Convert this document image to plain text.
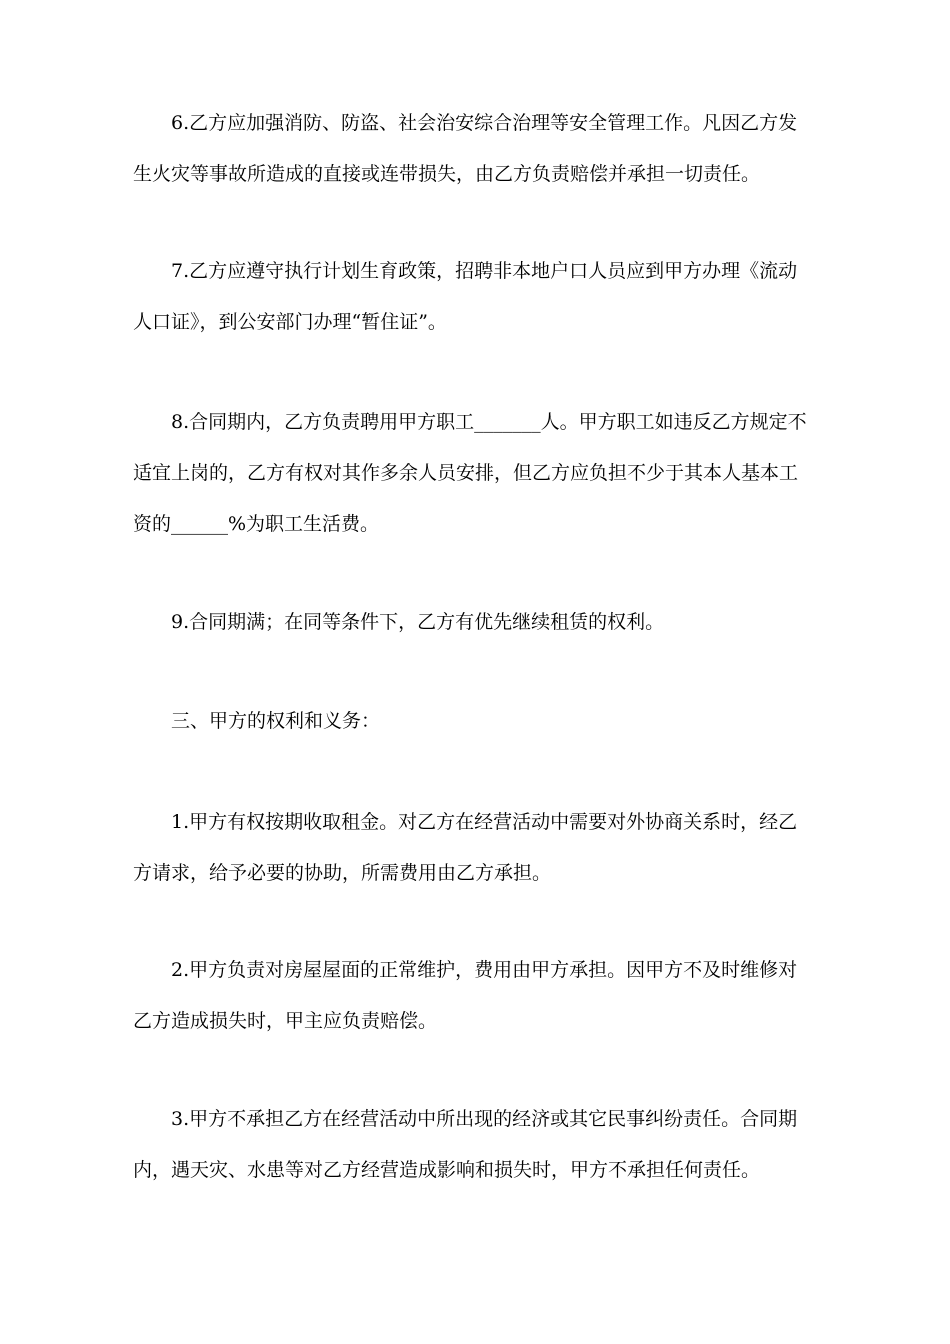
6.乙方应加强消防、防盗、社会治安综合治理等安全管理工作。凡因乙方发
生火灾等事故所造成的直接或连带损失，由乙方负责赔偿并承担一切责任。
7.乙方应遵守执行计划生育政策，招聘非本地户口人员应到甲方办理《流动
人口证》，到公安部门办理“暂住证”。
8.合同期内，乙方负责聘用甲方职工_______人。甲方职工如违反乙方规定不
适宜上岗的，乙方有权对其作多余人员安排，但乙方应负担不少于其本人基本工
资的______%为职工生活费。
9.合同期满；在同等条件下，乙方有优先继续租赁的权利。
三、甲方的权利和义务：
1.甲方有权按期收取租金。对乙方在经营活动中需要对外协商关系时，经乙
方请求，给予必要的协助，所需费用由乙方承担。
2.甲方负责对房屋屋面的正常维护，费用由甲方承担。因甲方不及时维修对
乙方造成损失时，甲主应负责赔偿。
3.甲方不承担乙方在经营活动中所出现的经济或其它民事纠纷责任。合同期
内，遇天灾、水患等对乙方经营造成影响和损失时，甲方不承担任何责任。
